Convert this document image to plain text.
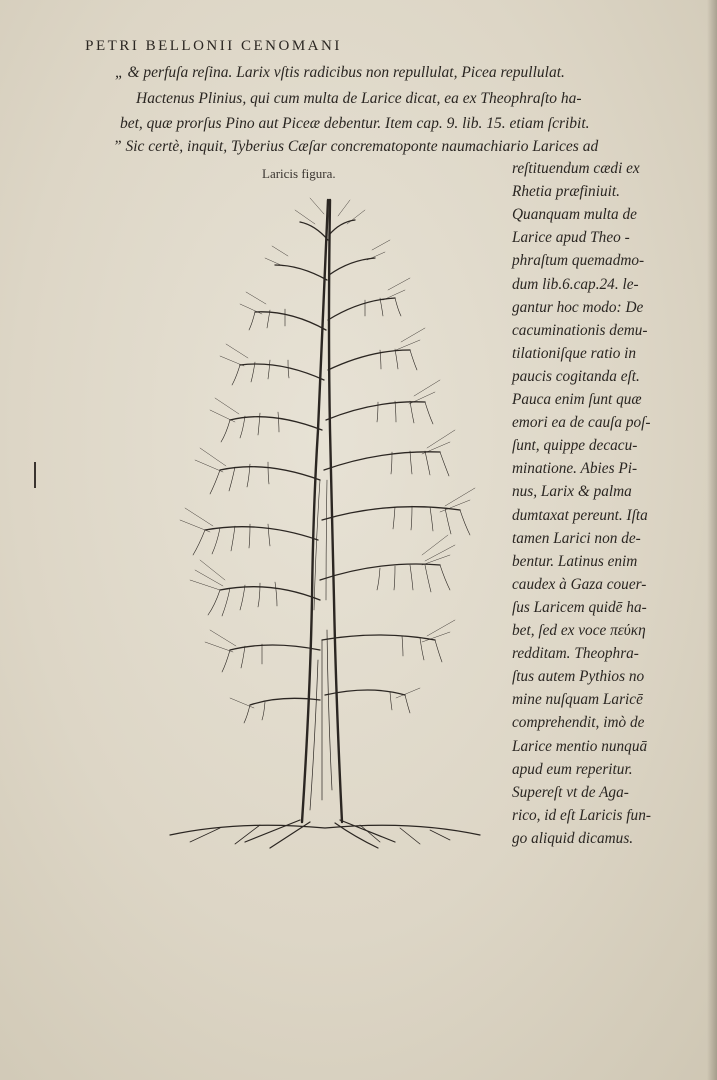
PETRI BELLONII CENOMANI
„ & perfuſa reſina. Larix vſtis radicibus non repullulat, Picea repullulat.
Hactenus Plinius, qui cum multa de Larice dicat, ea ex Theophraſto ha-
bet, quæ prorſus Pino aut Piceæ debentur. Item cap. 9. lib. 15. etiam ſcribit.
” Sic certè, inquit, Tyberius Cæſar concrematoponte naumachiario Larices ad
Laricis figura.	reſtituendum cædi ex
Rhetia præfiniuit.
Quanquam multa de
Larice apud Theo -
phraſtum quemadmo-
dum lib.6.cap.24. le-
gantur hoc modo: De
cacuminationis demu-
tilationiſque ratio in
paucis cogitanda eſt.
Pauca enim ſunt quæ
emori ea de cauſa poſ-
ſunt, quippe decacu-
minatione. Abies Pi-
nus, Larix & palma
dumtaxat pereunt. Iſta
tamen Larici non de-
bentur. Latinus enim
caudex à Gaza couer-
ſus Laricem quidē ha-
bet, ſed ex voce πεύκη
redditam. Theophra-
ſtus autem Pythios no
mine nuſquam Laricē
comprehendit, imò de
Larice mentio nunquā
apud eum reperitur.
Supereſt vt de Aga-
rico, id eſt Laricis fun-
go aliquid dicamus.
